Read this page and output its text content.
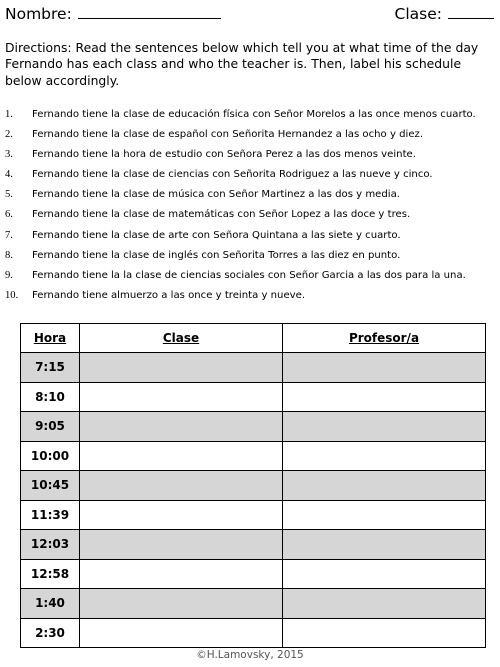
Nombre:	Clase:
Directions: Read the sentences below which tell you at what time of the day Fernando has each class and who the teacher is. Then, label his schedule below accordingly.
1.	Fernando tiene la clase de educación física con Señor Morelos a las once menos cuarto.
2.	Fernando tiene la clase de español con Señorita Hernandez a las ocho y diez.
3.	Fernando tiene la hora de estudio con Señora Perez a las dos menos veinte.
4.	Fernando tiene la clase de ciencias con Señorita Rodriguez a las nueve y cinco.
5.	Fernando tiene la clase de música con Señor Martinez a las dos y media.
6.	Fernando tiene la clase de matemáticas con Señor Lopez a las doce y tres.
7.	Fernando tiene la clase de arte con Señora Quintana a las siete y cuarto.
8.	Fernando tiene la clase de inglés con Señorita Torres a las diez en punto.
9.	Fernando tiene la la clase de ciencias sociales con Señor Garcia a las dos para la una.
10.	Fernando tiene almuerzo a las once y treinta y nueve.
Hora	Clase	Profesor/a
7:15		
8:10		
9:05		
10:00		
10:45		
11:39		
12:03		
12:58		
1:40		
2:30		
©H.Lamovsky, 2015
